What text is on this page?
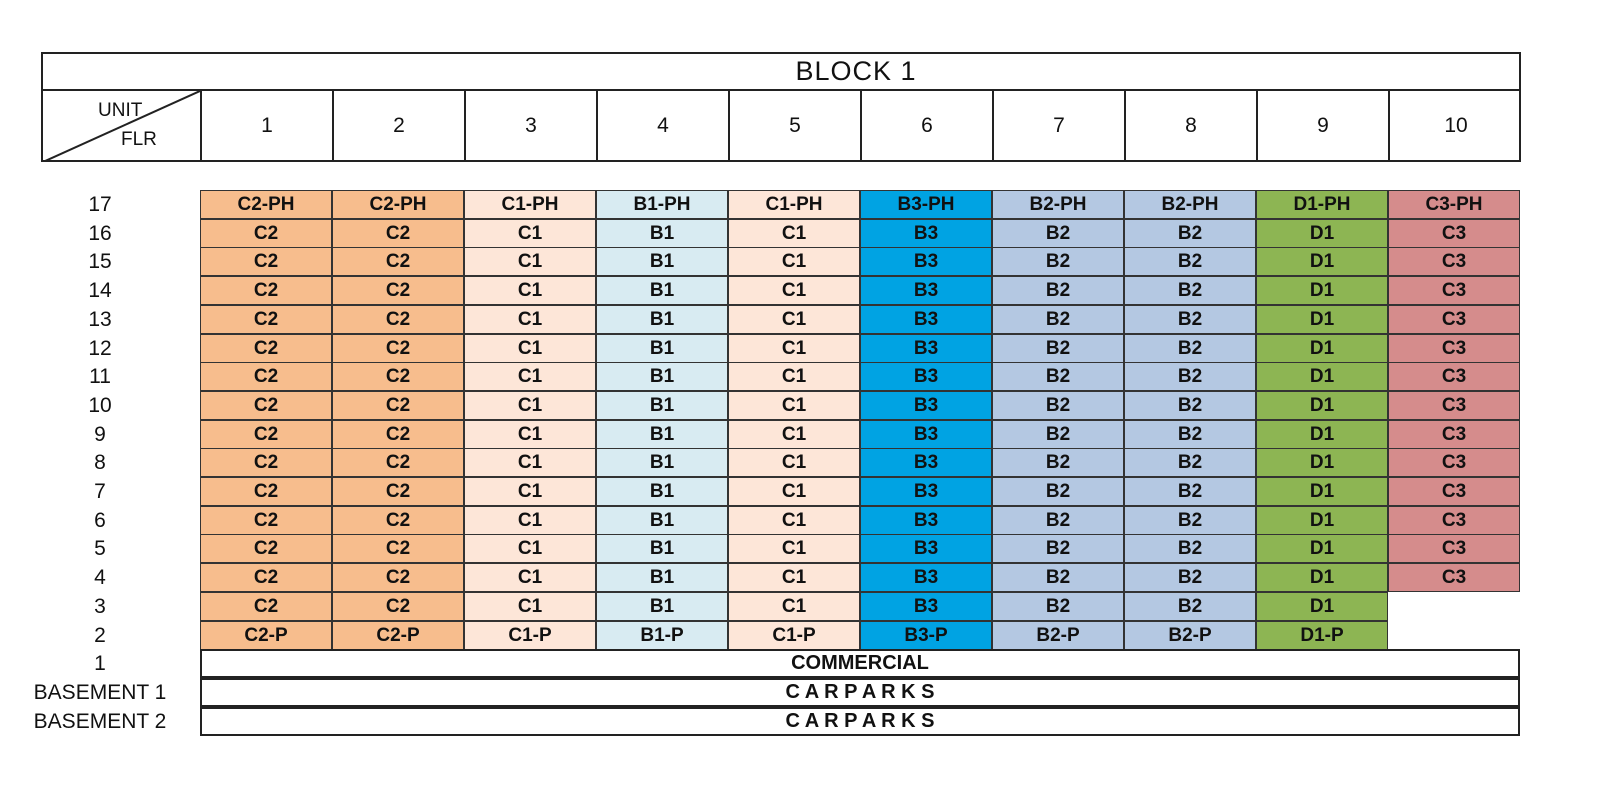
BLOCK 1
UNIT
FLR
1	2	3	4	5	6	7	8	9	10
17	C2-PH	C2-PH	C1-PH	B1-PH	C1-PH	B3-PH	B2-PH	B2-PH	D1-PH	C3-PH
16	C2	C2	C1	B1	C1	B3	B2	B2	D1	C3
15	C2	C2	C1	B1	C1	B3	B2	B2	D1	C3
14	C2	C2	C1	B1	C1	B3	B2	B2	D1	C3
13	C2	C2	C1	B1	C1	B3	B2	B2	D1	C3
12	C2	C2	C1	B1	C1	B3	B2	B2	D1	C3
11	C2	C2	C1	B1	C1	B3	B2	B2	D1	C3
10	C2	C2	C1	B1	C1	B3	B2	B2	D1	C3
9	C2	C2	C1	B1	C1	B3	B2	B2	D1	C3
8	C2	C2	C1	B1	C1	B3	B2	B2	D1	C3
7	C2	C2	C1	B1	C1	B3	B2	B2	D1	C3
6	C2	C2	C1	B1	C1	B3	B2	B2	D1	C3
5	C2	C2	C1	B1	C1	B3	B2	B2	D1	C3
4	C2	C2	C1	B1	C1	B3	B2	B2	D1	C3
3	C2	C2	C1	B1	C1	B3	B2	B2	D1
2	C2-P	C2-P	C1-P	B1-P	C1-P	B3-P	B2-P	B2-P	D1-P
1	COMMERCIAL
BASEMENT 1	C A R P A R K S
BASEMENT 2	C A R P A R K S
